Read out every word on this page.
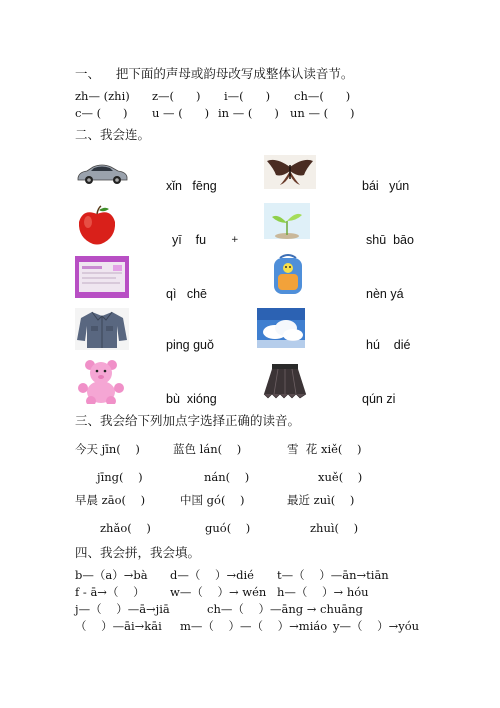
一、    把下面的声母或韵母改写成整体认读音节。
zh— (zhi) z—(      ) i—(      ) ch—(      )
c— (      ) u — (      ) in — (      ) un — (      )
二、我会连。
xǐn   fēng	bái   yún
yī    fu	+	shū  bāo
qì   chē	nèn yá
ping guǒ	hú    dié
bù  xióng	qún zi
三、我会给下列加点字选择正确的读音。
今天 jīn(    )	蓝色 lán(    )	雪  花 xiě(    )
jīng(    )	nán(    )	xuě(    )
早晨 zāo(    )	中国 gó(    )	最近 zuì(    )
zhǎo(    )	guó(    )	zhuì(    )
四、我会拼，我会填。
b—（a）→bà d—（    ）→dié t—（    ）—ān→tiān
f - ā→（    ） w—（    ）→ wén h—（    ）→ hóu
j—（    ）—ā→jiā	ch—（    ）—āng → chuāng
（    ）—āi→kāi m—（    ）—（    ）→miáo y—（    ）→yóu
